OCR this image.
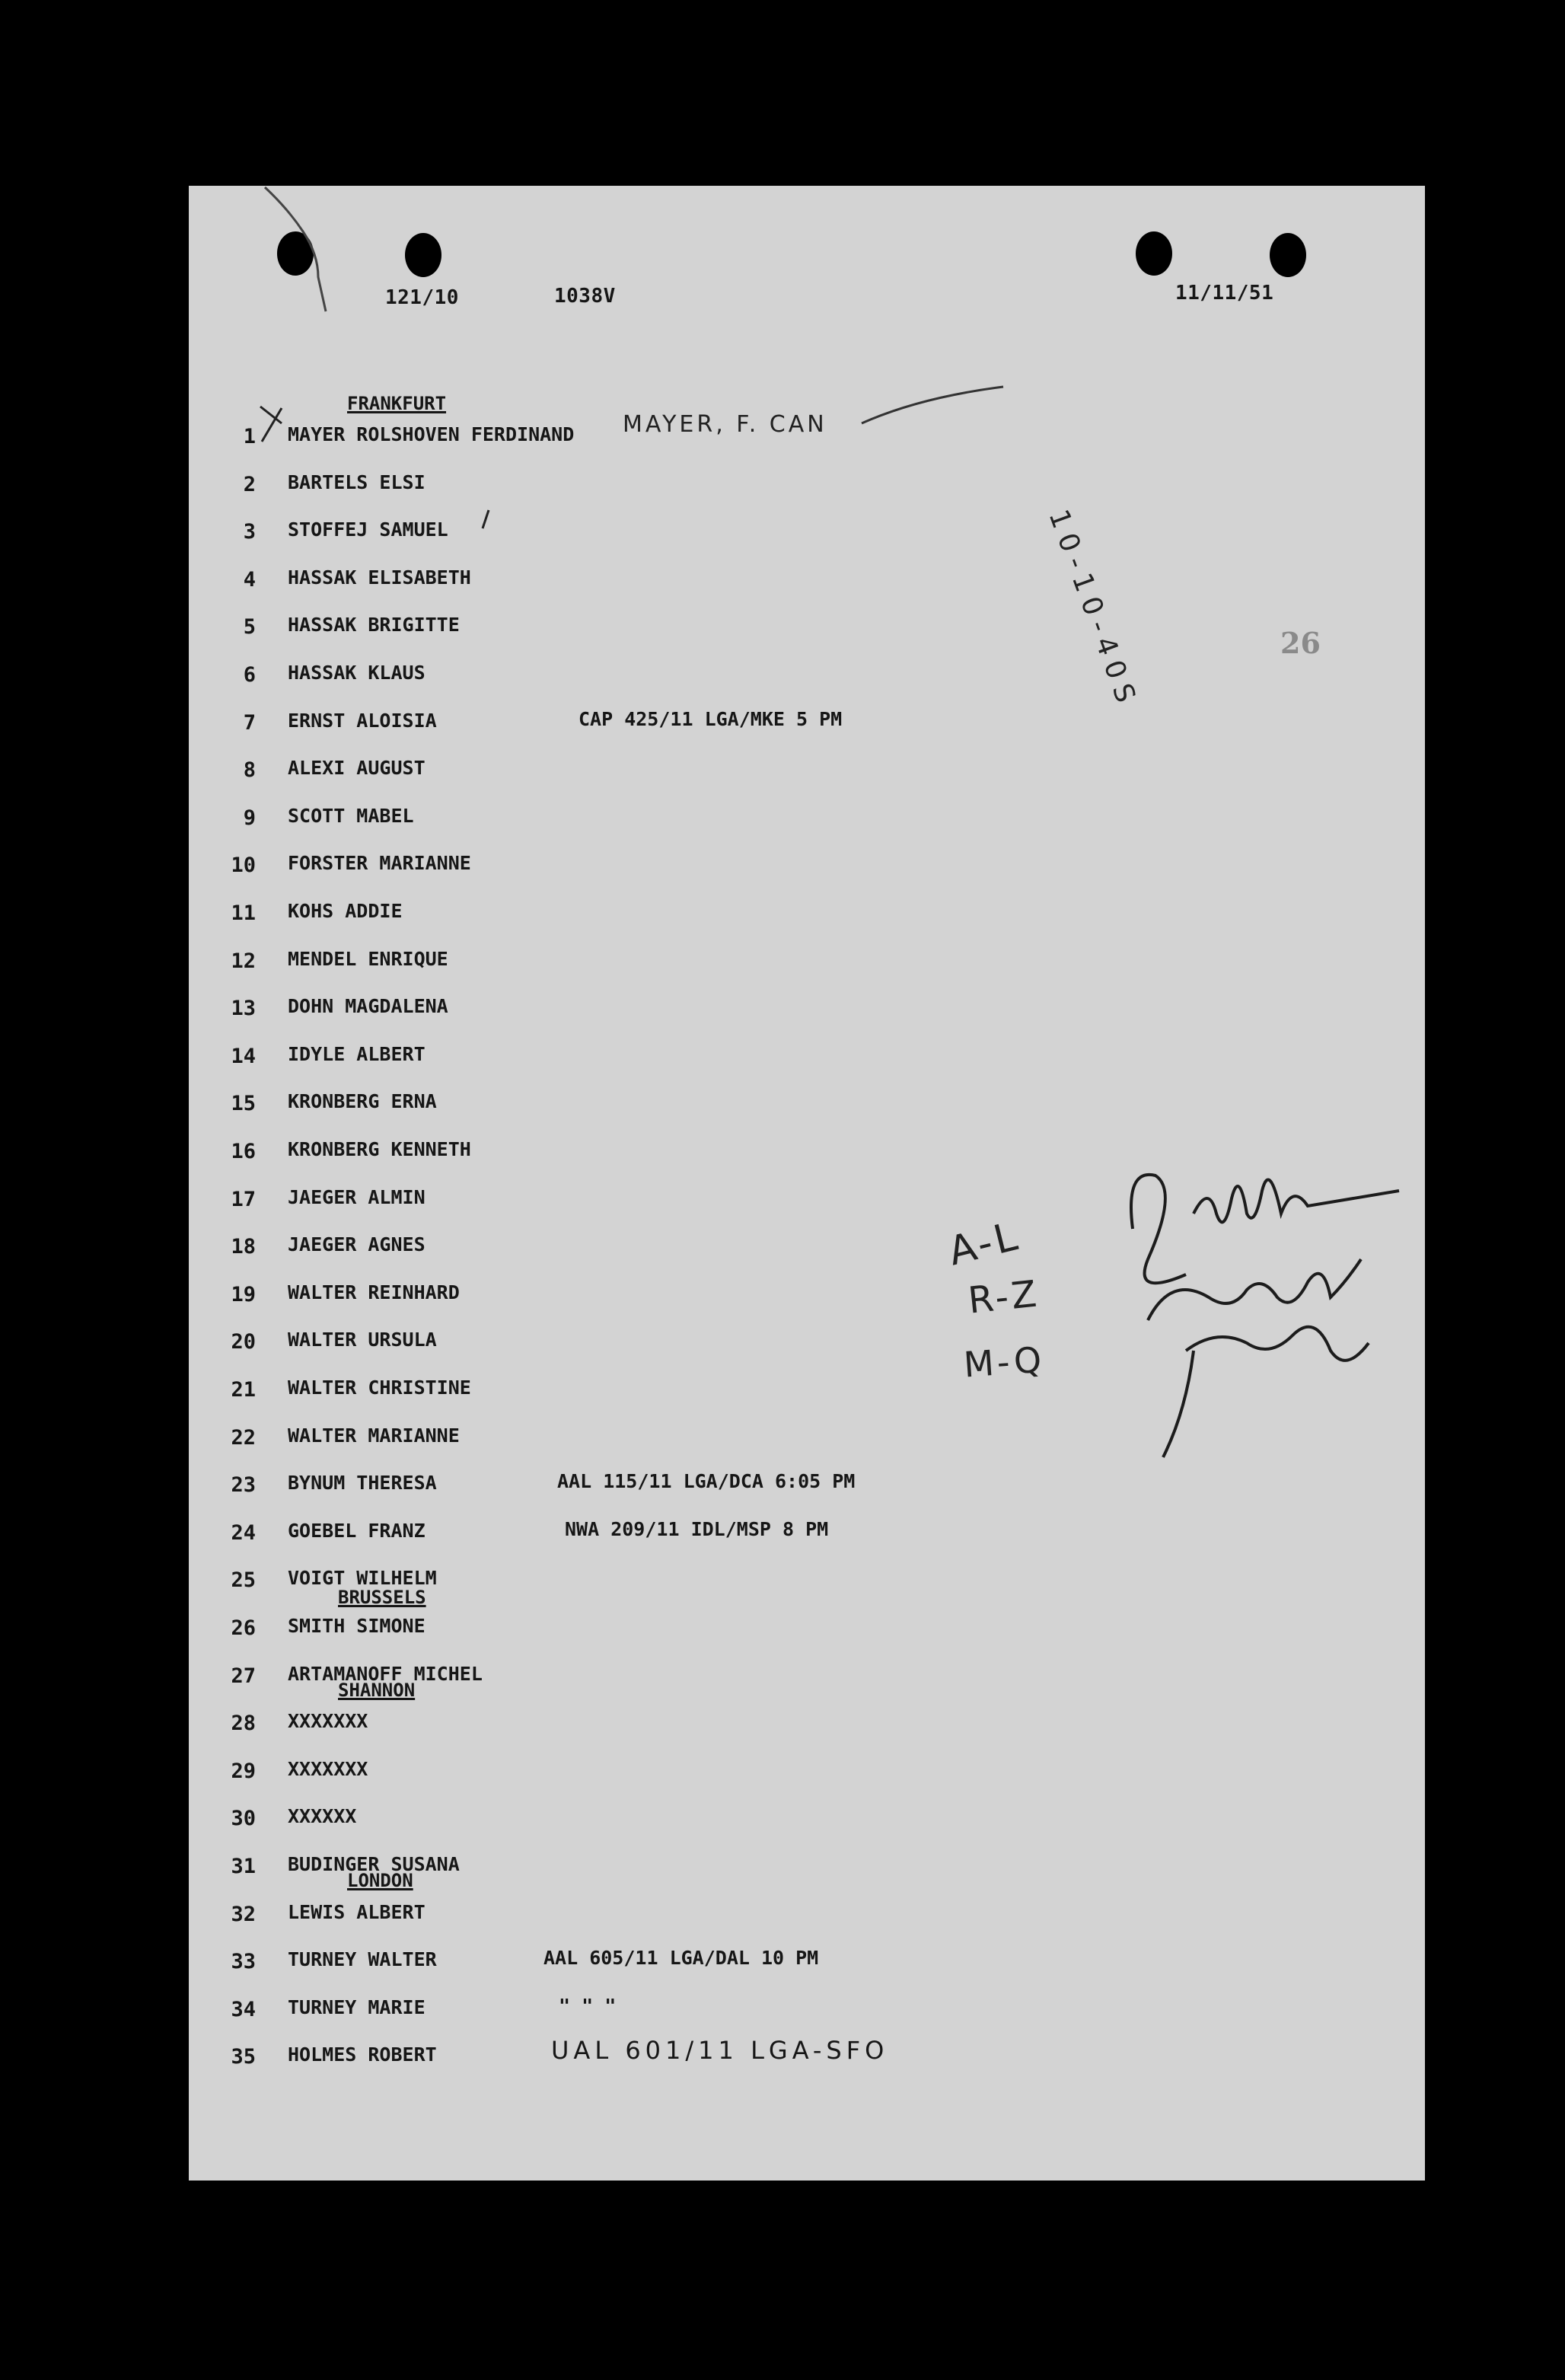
121/10	1038V	11/11/51
26
FRANKFURT
BRUSSELS
SHANNON
LONDON
1 MAYER ROLSHOVEN FERDINAND
2 BARTELS ELSI
3 STOFFEJ SAMUEL
4 HASSAK ELISABETH
5 HASSAK BRIGITTE
6 HASSAK KLAUS
7 ERNST ALOISIA	CAP 425/11 LGA/MKE 5 PM
8 ALEXI AUGUST
9 SCOTT MABEL
10 FORSTER MARIANNE
11 KOHS ADDIE
12 MENDEL ENRIQUE
13 DOHN MAGDALENA
14 IDYLE ALBERT
15 KRONBERG ERNA
16 KRONBERG KENNETH
17 JAEGER ALMIN
18 JAEGER AGNES
19 WALTER REINHARD
20 WALTER URSULA
21 WALTER CHRISTINE
22 WALTER MARIANNE
23 BYNUM THERESA	AAL 115/11 LGA/DCA 6:05 PM
24 GOEBEL FRANZ	NWA 209/11 IDL/MSP 8 PM
25 VOIGT WILHELM
26 SMITH SIMONE
27 ARTAMANOFF MICHEL
28 XXXXXXX
29 XXXXXXX
30 XXXXXX
31 BUDINGER SUSANA
32 LEWIS ALBERT
33 TURNEY WALTER	AAL 605/11 LGA/DAL 10 PM
34 TURNEY MARIE	" " "
35 HOLMES ROBERT	UAL 601/11 LGA-SFO
MAYER, F. CAN
10-10-40S
A-L
R-Z
M-Q
